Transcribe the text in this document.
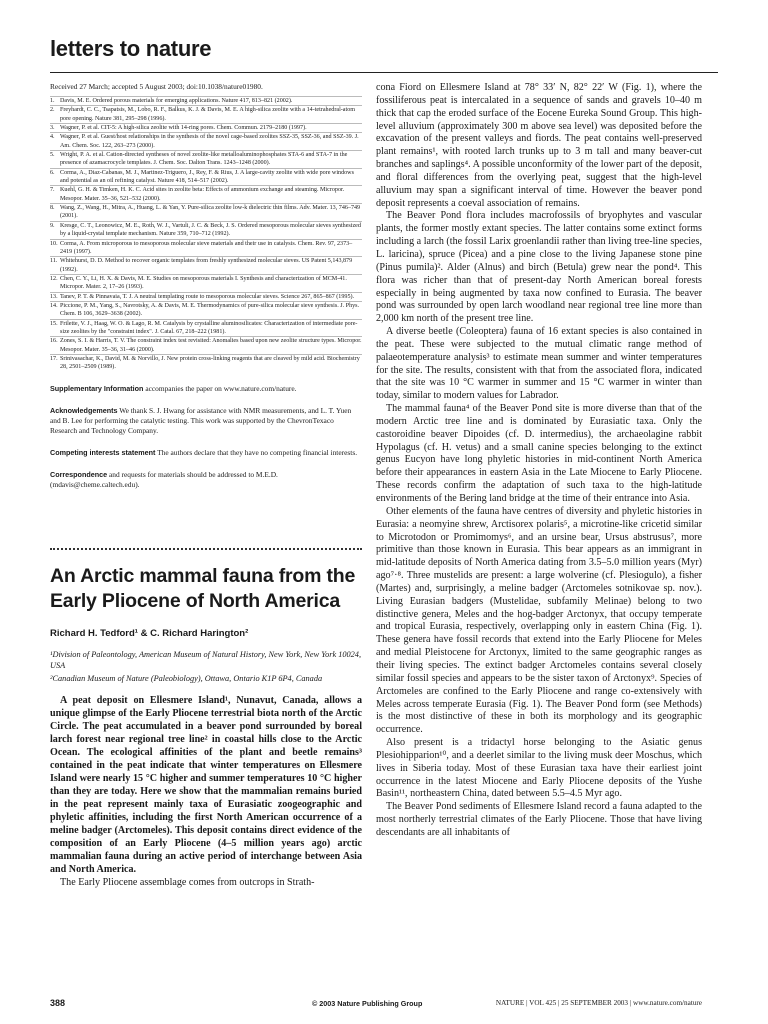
letters to nature
Received 27 March; accepted 5 August 2003; doi:10.1038/nature01980.
1. Davis, M. E. Ordered porous materials for emerging applications. Nature 417, 813–821 (2002).
2. Freyhardt, C. C., Tsapatsis, M., Lobo, R. F., Balkus, K. J. & Davis, M. E. A high-silica zeolite with a 14-tetrahedral-atom pore opening. Nature 381, 295–298 (1996).
3. Wagner, P. et al. CIT-5: A high-silica zeolite with 14-ring pores. Chem. Commun. 2179–2180 (1997).
4. Wagner, P. et al. Guest/host relationships in the synthesis of the novel cage-based zeolites SSZ-35, SSZ-36, and SSZ-39. J. Am. Chem. Soc. 122, 263–273 (2000).
5. Wright, P. A. et al. Cation-directed syntheses of novel zeolite-like metalloaluminophosphates STA-6 and STA-7 in the presence of azamacrocycle templates. J. Chem. Soc. Dalton Trans. 1243–1248 (2000).
6. Corma, A., Diaz-Cabanas, M. J., Martinez-Triguero, J., Rey, F. & Rius, J. A large-cavity zeolite with wide pore windows and potential as an oil refining catalyst. Nature 418, 514–517 (2002).
7. Kuehl, G. H. & Timken, H. K. C. Acid sites in zeolite beta: Effects of ammonium exchange and steaming. Micropor. Mesopor. Mater. 35–36, 521–532 (2000).
8. Wang, Z., Wang, H., Mitra, A., Huang, L. & Yan, Y. Pure-silica zeolite low-k dielectric thin films. Adv. Mater. 13, 746–749 (2001).
9. Kresge, C. T., Leonowicz, M. E., Roth, W. J., Vartuli, J. C. & Beck, J. S. Ordered mesoporous molecular sieves synthesized by a liquid-crystal template mechanism. Nature 359, 710–712 (1992).
10. Corma, A. From microporous to mesoporous molecular sieve materials and their use in catalysis. Chem. Rev. 97, 2373–2419 (1997).
11. Whitehurst, D. D. Method to recover organic templates from freshly synthesized molecular sieves. US Patent 5,143,879 (1992).
12. Chen, C. Y., Li, H. X. & Davis, M. E. Studies on mesoporous materials I. Synthesis and characterization of MCM-41. Micropor. Mater. 2, 17–26 (1993).
13. Tanev, P. T. & Pinnavaia, T. J. A neutral templating route to mesoporous molecular sieves. Science 267, 865–867 (1995).
14. Piccione, P. M., Yang, S., Navrotsky, A. & Davis, M. E. Thermodynamics of pure-silica molecular sieve synthesis. J. Phys. Chem. B 106, 3629–3638 (2002).
15. Frilette, V. J., Haag, W. O. & Lago, R. M. Catalysis by crystalline aluminosilicates: Characterization of intermediate pore-size zeolites by the "constraint index". J. Catal. 67, 218–222 (1981).
16. Zones, S. I. & Harris, T. V. The constraint index test revisited: Anomalies based upon new zeolite structure types. Micropor. Mesopor. Mater. 35–36, 31–46 (2000).
17. Srinivasachar, K., David, M. & Norvillo, J. New protein cross-linking reagents that are cleaved by mild acid. Biochemistry 28, 2501–2509 (1989).
Supplementary Information accompanies the paper on www.nature.com/nature.
Acknowledgements We thank S. J. Hwang for assistance with NMR measurements, and L. T. Yuen and B. Lee for performing the catalytic testing. This work was supported by the ChevronTexaco Research and Technology Company.
Competing interests statement The authors declare that they have no competing financial interests.
Correspondence and requests for materials should be addressed to M.E.D. (mdavis@cheme.caltech.edu).
An Arctic mammal fauna from the Early Pliocene of North America
Richard H. Tedford¹ & C. Richard Harington²
¹Division of Paleontology, American Museum of Natural History, New York, New York 10024, USA
²Canadian Museum of Nature (Paleobiology), Ottawa, Ontario K1P 6P4, Canada
A peat deposit on Ellesmere Island¹, Nunavut, Canada, allows a unique glimpse of the Early Pliocene terrestrial biota north of the Arctic Circle. The peat accumulated in a beaver pond surrounded by boreal larch forest near regional tree line² in coastal hills close to the Arctic Ocean. The ecological affinities of the plant and beetle remains³ contained in the peat indicate that winter temperatures on Ellesmere Island were nearly 15 °C higher and summer temperatures 10 °C higher than they are today. Here we show that the mammalian remains buried in the peat represent mainly taxa of Eurasiatic zoogeographic and phyletic affinities, including the first North American occurrence of a meline badger (Arctomeles). This deposit contains direct evidence of the composition of an Early Pliocene (4–5 million years ago) arctic mammalian fauna during an active period of interchange between Asia and North America.

The Early Pliocene assemblage comes from outcrops in Strath-

cona Fiord on Ellesmere Island at 78° 33′ N, 82° 22′ W (Fig. 1), where the fossiliferous peat is intercalated in a sequence of sands and gravels 10–40 m thick that cap the eroded surface of the Eocene Eureka Sound Group. This high-level alluvium (approximately 300 m above sea level) was deposited before the excavation of the present valleys and fiords. The peat contains well-preserved plant remains¹, with rooted larch trunks up to 3 m tall and many beaver-cut branches and saplings⁴. A possible unconformity of the lower part of the deposit, and floral differences from the overlying peat, suggest that the high-level alluvium may span a significant interval of time. However the beaver pond deposit represents a coeval association of remains.

The Beaver Pond flora includes macrofossils of bryophytes and vascular plants, the former mostly extant species. The latter contains some extinct forms including a larch (the fossil Larix groenlandii rather than living tree-line species, L. laricina), spruce (Picea) and a pine close to the living Japanese stone pine (Pinus pumila)². Alder (Alnus) and birch (Betula) grew near the pond⁴. This flora was richer than that of present-day North American boreal forests especially in being augmented by taxa now confined to Eurasia. The beaver pond was surrounded by open larch woodland near regional tree line more than 2,000 km north of the present tree line.

A diverse beetle (Coleoptera) fauna of 16 extant species is also contained in the peat. These were subjected to the mutual climatic range method of palaeotemperature analysis³ to estimate mean summer and winter temperatures for the site. The results, consistent with that from the associated flora, indicated that the site was 10 °C warmer in summer and 15 °C warmer in winter than today, similar to modern values for Labrador.

The mammal fauna⁴ of the Beaver Pond site is more diverse than that of the modern Arctic tree line and is dominated by Eurasiatic taxa. Only the castoroidine beaver Dipoides (cf. D. intermedius), the archaeolagine rabbit Hypolagus (cf. H. vetus) and a small canine species belonging to the extinct genus Eucyon have long phyletic histories in mid-continent North America before their appearances in eastern Asia in the Late Miocene to Early Pliocene. These records confirm the adaptation of such taxa to the high-latitude environments of the Bering land bridge at the time of their entrance into Asia.

Other elements of the fauna have centres of diversity and phyletic histories in Eurasia: a neomyine shrew, Arctisorex polaris⁵, a microtine-like cricetid similar to Microtodon or Promimomys⁶, and an ursine bear, Ursus abstrusus⁷, more primitive than those known in Eurasia. This bear appears as an immigrant in mid-latitude deposits of North America dating from 3.5–5.0 million years (Myr) ago⁷·⁸. Three mustelids are present: a large wolverine (cf. Plesiogulo), a fisher (Martes) and, surprisingly, a meline badger (Arctomeles sotnikovae sp. nov.). Living Eurasian badgers (Mustelidae, subfamily Melinae) belong to two distinctive genera, Meles and the hog-badger Arctonyx, that occupy temperate and tropical Eurasia, respectively, overlapping only in eastern China (Fig. 1). These genera have fossil records that extend into the Early Pliocene for Meles and medial Pleistocene for Arctonyx, limited to the same geographic ranges as their living species. The extinct badger Arctomeles contains several closely similar fossil species and appears to be the sister taxon of Arctonyx⁹. Species of Arctomeles are confined to the Early Pliocene and range co-extensively with Meles across temperate Eurasia (Fig. 1). The Beaver Pond form (see Methods) is the most distinctive of these in both its morphology and its geographic occurrence.

Also present is a tridactyl horse belonging to the Asiatic genus Plesiohipparion¹⁰, and a deerlet similar to the living musk deer Moschus, which lives in Siberia today. Most of these Eurasian taxa have their earliest joint occurrence in the latest Miocene and Early Pliocene deposits of the Yushe Basin¹¹, northeastern China, dated between 5.5–4.5 Myr ago.

The Beaver Pond sediments of Ellesmere Island record a fauna adapted to the most northerly terrestrial climates of the Early Pliocene. Those that have living descendants are all inhabitants of

388	© 2003 Nature Publishing Group	NATURE | VOL 425 | 25 SEPTEMBER 2003 | www.nature.com/nature
